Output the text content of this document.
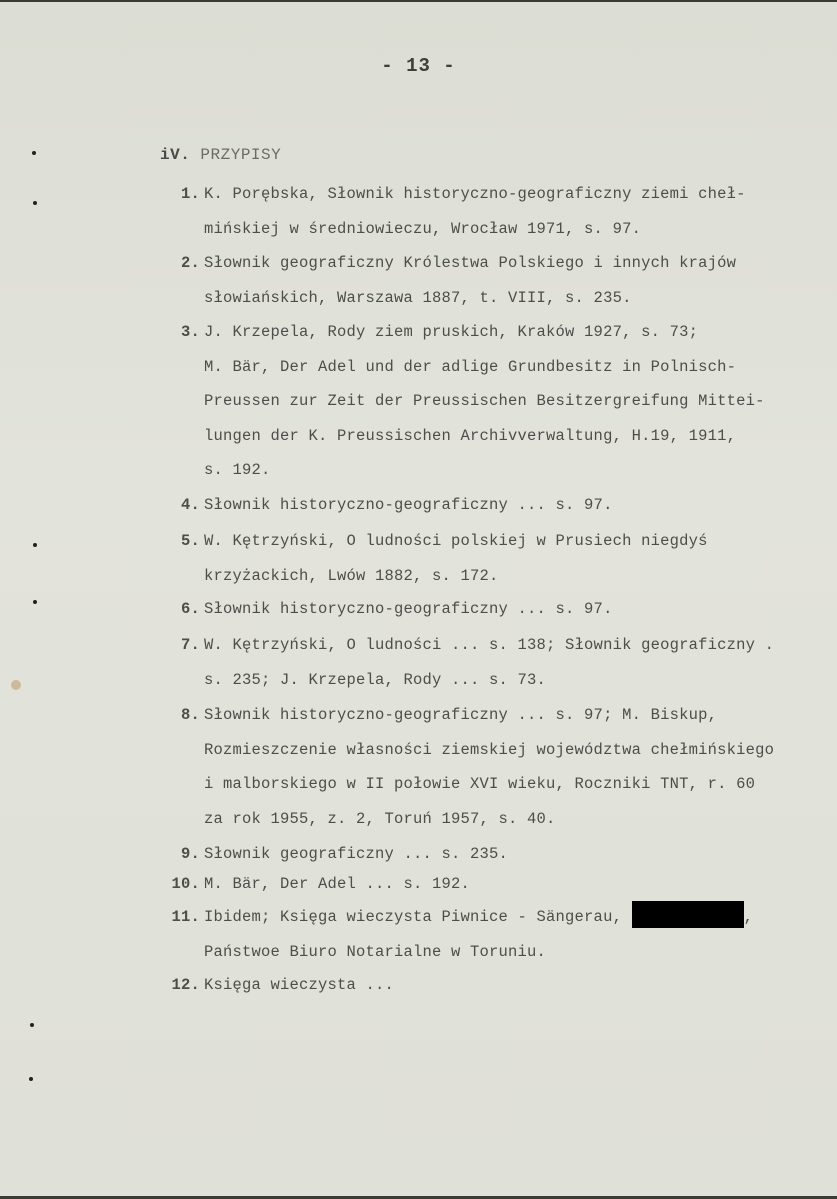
- 13 -
iV. PRZYPISY
1. K. Porębska, Słownik historyczno-geograficzny ziemi cheł-
mińskiej w średniowieczu, Wrocław 1971, s. 97.
2. Słownik geograficzny Królestwa Polskiego i innych krajów
słowiańskich, Warszawa 1887, t. VIII, s. 235.
3. J. Krzepela, Rody ziem pruskich, Kraków 1927, s. 73;
M. Bär, Der Adel und der adlige Grundbesitz in Polnisch-
Preussen zur Zeit der Preussischen Besitzergreifung Mittei-
lungen der K. Preussischen Archivverwaltung, H.19, 1911,
s. 192.
4. Słownik historyczno-geograficzny ... s. 97.
5. W. Kętrzyński, O ludności polskiej w Prusiech niegdyś
krzyżackich, Lwów 1882, s. 172.
6. Słownik historyczno-geograficzny ... s. 97.
7. W. Kętrzyński, O ludności ... s. 138; Słownik geograficzny .
s. 235; J. Krzepela, Rody ... s. 73.
8. Słownik historyczno-geograficzny ... s. 97; M. Biskup,
Rozmieszczenie własności ziemskiej województwa chełmińskiego
i malborskiego w II połowie XVI wieku, Roczniki TNT, r. 60
za rok 1955, z. 2, Toruń 1957, s. 40.
9. Słownik geograficzny ... s. 235.
10. M. Bär, Der Adel ... s. 192.
11. Ibidem; Księga wieczysta Piwnice - Sängerau,	,
Państwoe Biuro Notarialne w Toruniu.
12. Księga wieczysta ...
